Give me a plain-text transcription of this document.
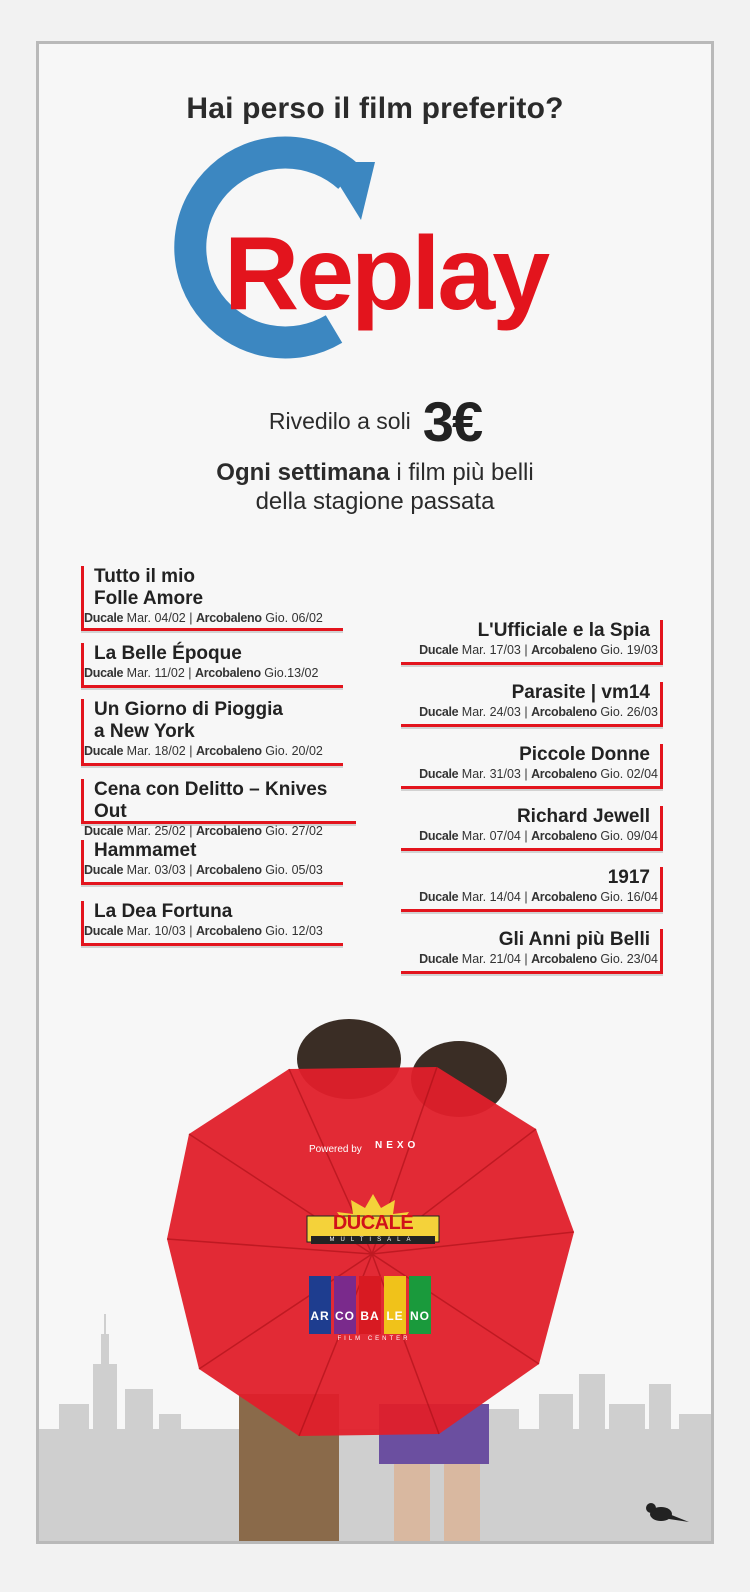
Hai perso il film preferito?
Replay
Rivedilo a soli 3€
Ogni settimana i film più belli
della stagione passata
Tutto il mio
Folle Amore
Ducale Mar. 04/02 | Arcobaleno Gio. 06/02
La Belle Époque
Ducale Mar. 11/02 | Arcobaleno Gio.13/02
Un Giorno di Pioggia
a New York
Ducale Mar. 18/02 | Arcobaleno Gio. 20/02
Cena con Delitto – Knives Out
Ducale Mar. 25/02 | Arcobaleno Gio. 27/02
Hammamet
Ducale Mar. 03/03 | Arcobaleno Gio. 05/03
La Dea Fortuna
Ducale Mar. 10/03 | Arcobaleno Gio. 12/03
L'Ufficiale e la Spia
Ducale Mar. 17/03 | Arcobaleno Gio. 19/03
Parasite | vm14
Ducale Mar. 24/03 | Arcobaleno Gio. 26/03
Piccole Donne
Ducale Mar. 31/03 | Arcobaleno Gio. 02/04
Richard Jewell
Ducale Mar. 07/04 | Arcobaleno Gio. 09/04
1917
Ducale Mar. 14/04 | Arcobaleno Gio. 16/04
Gli Anni più Belli
Ducale Mar. 21/04 | Arcobaleno Gio. 23/04
Powered by NEXO
DUCALE
MULTISALA
AR CO BA LE NO
FILM CENTER
